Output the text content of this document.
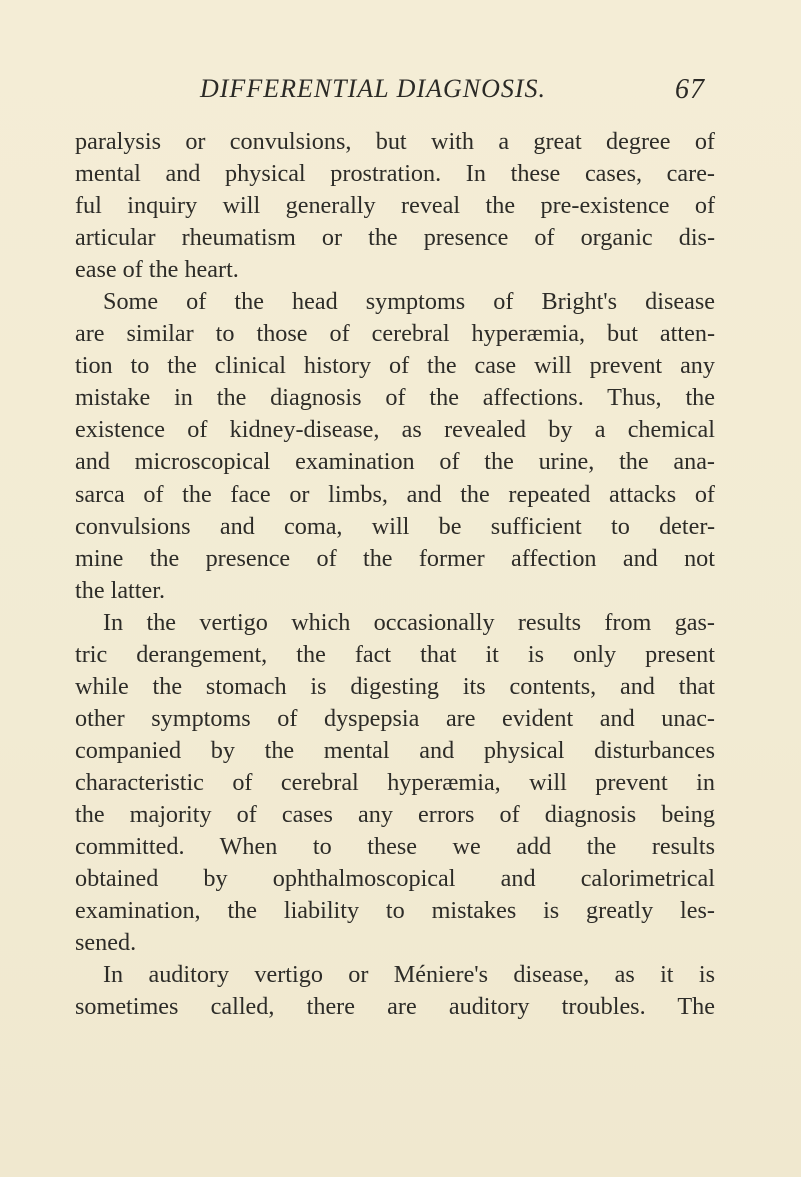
DIFFERENTIAL DIAGNOSIS.	67
paralysis or convulsions, but with a great degree of
mental and physical prostration. In these cases, care-
ful inquiry will generally reveal the pre-existence of
articular rheumatism or the presence of organic dis-
ease of the heart.
Some of the head symptoms of Bright's disease
are similar to those of cerebral hyperæmia, but atten-
tion to the clinical history of the case will prevent any
mistake in the diagnosis of the affections. Thus, the
existence of kidney-disease, as revealed by a chemical
and microscopical examination of the urine, the ana-
sarca of the face or limbs, and the repeated attacks of
convulsions and coma, will be sufficient to deter-
mine the presence of the former affection and not
the latter.
In the vertigo which occasionally results from gas-
tric derangement, the fact that it is only present
while the stomach is digesting its contents, and that
other symptoms of dyspepsia are evident and unac-
companied by the mental and physical disturbances
characteristic of cerebral hyperæmia, will prevent in
the majority of cases any errors of diagnosis being
committed. When to these we add the results
obtained by ophthalmoscopical and calorimetrical
examination, the liability to mistakes is greatly les-
sened.
In auditory vertigo or Méniere's disease, as it is
sometimes called, there are auditory troubles. The
